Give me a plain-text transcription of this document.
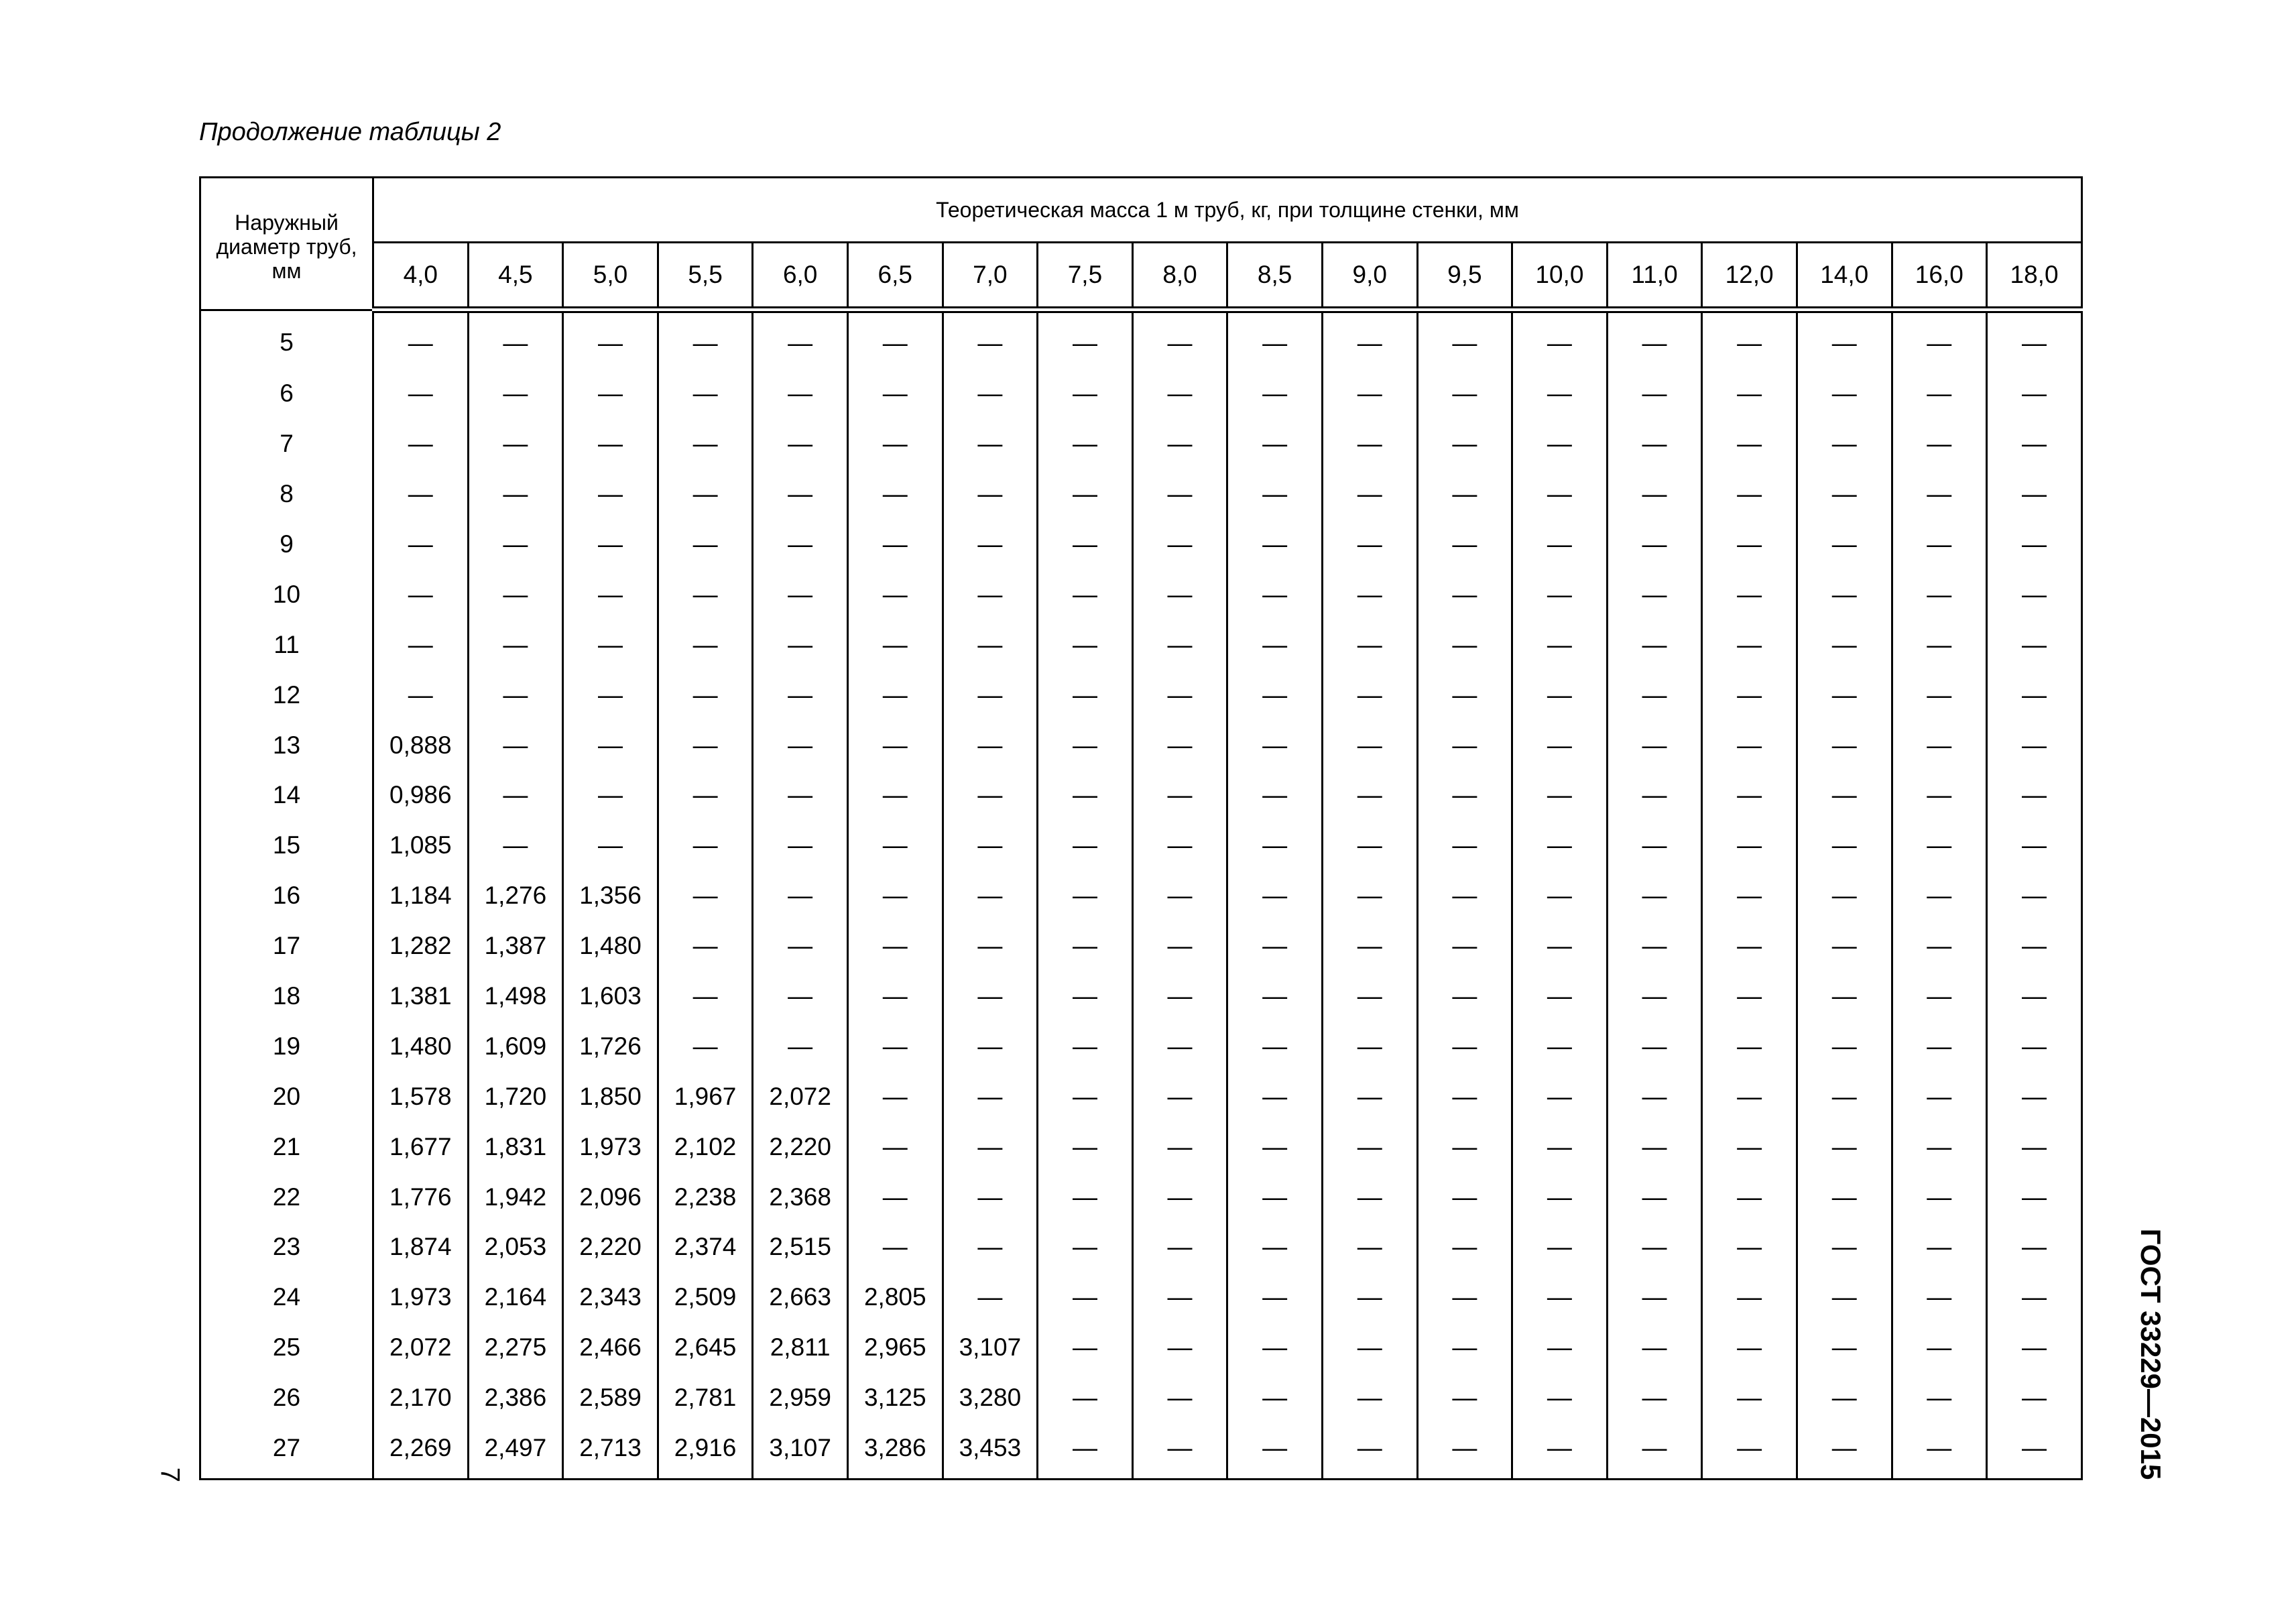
Продолжение таблицы 2
Наружный диаметр труб, мм	Теоретическая масса 1 м труб, кг, при толщине стенки, мм																	
	4,0	4,5	5,0	5,5	6,0	6,5	7,0	7,5	8,0	8,5	9,0	9,5	10,0	11,0	12,0	14,0	16,0	18,0
5	—	—	—	—	—	—	—	—	—	—	—	—	—	—	—	—	—	—
6	—	—	—	—	—	—	—	—	—	—	—	—	—	—	—	—	—	—
7	—	—	—	—	—	—	—	—	—	—	—	—	—	—	—	—	—	—
8	—	—	—	—	—	—	—	—	—	—	—	—	—	—	—	—	—	—
9	—	—	—	—	—	—	—	—	—	—	—	—	—	—	—	—	—	—
10	—	—	—	—	—	—	—	—	—	—	—	—	—	—	—	—	—	—
11	—	—	—	—	—	—	—	—	—	—	—	—	—	—	—	—	—	—
12	—	—	—	—	—	—	—	—	—	—	—	—	—	—	—	—	—	—
13	0,888	—	—	—	—	—	—	—	—	—	—	—	—	—	—	—	—	—
14	0,986	—	—	—	—	—	—	—	—	—	—	—	—	—	—	—	—	—
15	1,085	—	—	—	—	—	—	—	—	—	—	—	—	—	—	—	—	—
16	1,184	1,276	1,356	—	—	—	—	—	—	—	—	—	—	—	—	—	—	—
17	1,282	1,387	1,480	—	—	—	—	—	—	—	—	—	—	—	—	—	—	—
18	1,381	1,498	1,603	—	—	—	—	—	—	—	—	—	—	—	—	—	—	—
19	1,480	1,609	1,726	—	—	—	—	—	—	—	—	—	—	—	—	—	—	—
20	1,578	1,720	1,850	1,967	2,072	—	—	—	—	—	—	—	—	—	—	—	—	—
21	1,677	1,831	1,973	2,102	2,220	—	—	—	—	—	—	—	—	—	—	—	—	—
22	1,776	1,942	2,096	2,238	2,368	—	—	—	—	—	—	—	—	—	—	—	—	—
23	1,874	2,053	2,220	2,374	2,515	—	—	—	—	—	—	—	—	—	—	—	—	—
24	1,973	2,164	2,343	2,509	2,663	2,805	—	—	—	—	—	—	—	—	—	—	—	—
25	2,072	2,275	2,466	2,645	2,811	2,965	3,107	—	—	—	—	—	—	—	—	—	—	—
26	2,170	2,386	2,589	2,781	2,959	3,125	3,280	—	—	—	—	—	—	—	—	—	—	—
27	2,269	2,497	2,713	2,916	3,107	3,286	3,453	—	—	—	—	—	—	—	—	—	—	—	ГОСТ 33229—2015
7
